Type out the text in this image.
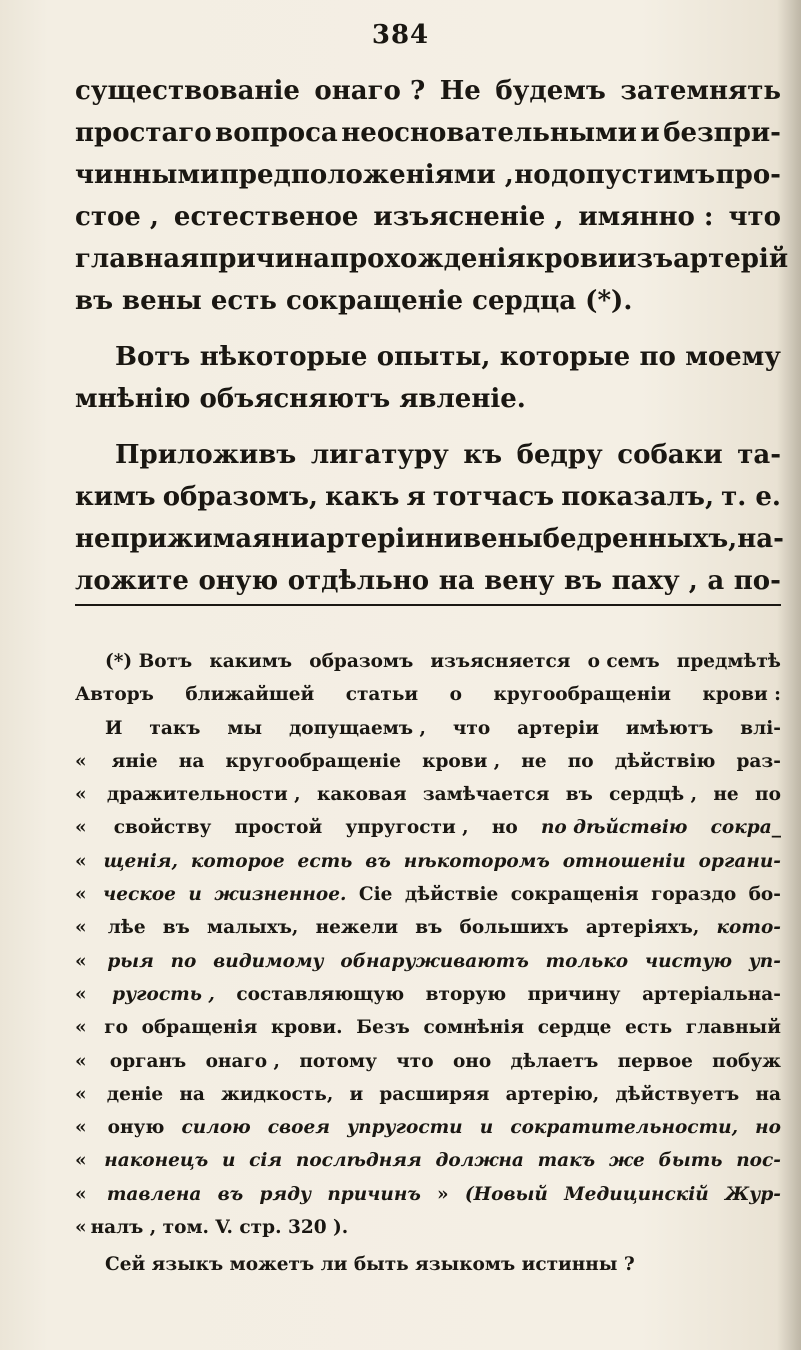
384
существованіе онаго ? Не будемъ затемнять
простаго вопроса неосновательными и безпри-
чинными предположеніями , но допустимъ про-
стое , естественое изъясненіе , имянно : что
главная причина прохожденія крови изъ артерій
въ вены есть сокращеніе сердца (*).
Вотъ нѣкоторые опыты, которые по моему
мнѣнію объясняютъ явленіе.
Приложивъ лигатуру къ бедру собаки та-
кимъ образомъ, какъ я тотчасъ показалъ, т. е.
не прижимая ни артеріи ни вены бедренныхъ, на-
ложите оную отдѣльно на вену въ паху , а по-
(*) Вотъ какимъ образомъ изъясняется о семъ предмѣтѣ
Авторъ ближайшей статьи о кругообращеніи крови :
И такъ мы допущаемъ , что артеріи имѣютъ влі-
« яніе на кругообращеніе крови , не по дѣйствію раз-
« дражительности , каковая замѣчается въ сердцѣ , не по
« свойству простой упругости , но по дѣйствію сокра_
« щенія, которое есть въ нѣкоторомъ отношеніи органи-
« ческое и жизненное. Сіе дѣйствіе сокращенія гораздо бо-
« лѣе въ малыхъ, нежели въ большихъ артеріяхъ, кото-
« рыя по видимому обнаруживаютъ только чистую уп-
« ругость , составляющую вторую причину артеріальна-
« го обращенія крови. Безъ сомнѣнія сердце есть главный
« органъ онаго , потому что оно дѣлаетъ первое побуж
« деніе на жидкость, и расширяя артерію, дѣйствуетъ на
« оную силою своея упругости и сократительности, но
« наконецъ и сія послѣдняя должна такъ же быть пос-
« тавлена въ ряду причинъ » (Новый Медицинскій Жур-
« налъ , том. V. стр. 320 ).
Сей языкъ можетъ ли быть языкомъ истинны ?
